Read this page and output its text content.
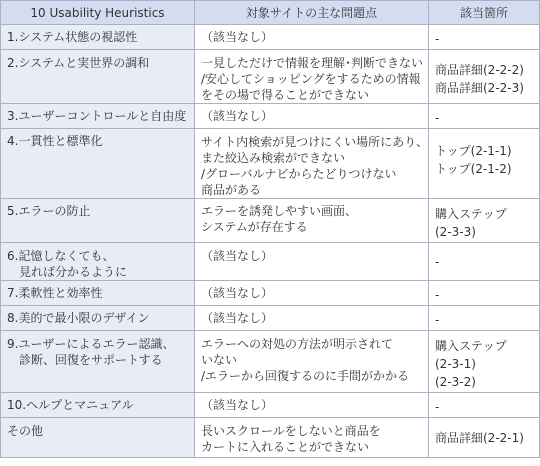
10 Usability Heuristics	対象サイトの主な問題点	該当箇所

1.システム状態の視認性	（該当なし）	-

2.システムと実世界の調和	一見しただけで情報を理解･判断できない
/安心してショッピングをするための情報
をその場で得ることができない	商品詳細(2-2-2)
商品詳細(2-2-3)

3.ユーザーコントロールと自由度	（該当なし）	-

4.一貫性と標準化	サイト内検索が見つけにくい場所にあり、
また絞込み検索ができない
/グローバルナビからたどりつけない
商品がある	トップ(2-1-1)
トップ(2-1-2)

5.エラーの防止	エラーを誘発しやすい画面、
システムが存在する	購入ステップ
(2-3-3)

6.記憶しなくても、
　見れば分かるように	（該当なし）	-

7.柔軟性と効率性	（該当なし）	-

8.美的で最小限のデザイン	（該当なし）	-

9.ユーザーによるエラー認識、
　診断、回復をサポートする	エラーへの対処の方法が明示されて
いない
/エラーから回復するのに手間がかかる	購入ステップ
(2-3-1)
(2-3-2)

10.ヘルプとマニュアル	（該当なし）	-

その他	長いスクロールをしないと商品を
カートに入れることができない	商品詳細(2-2-1)
